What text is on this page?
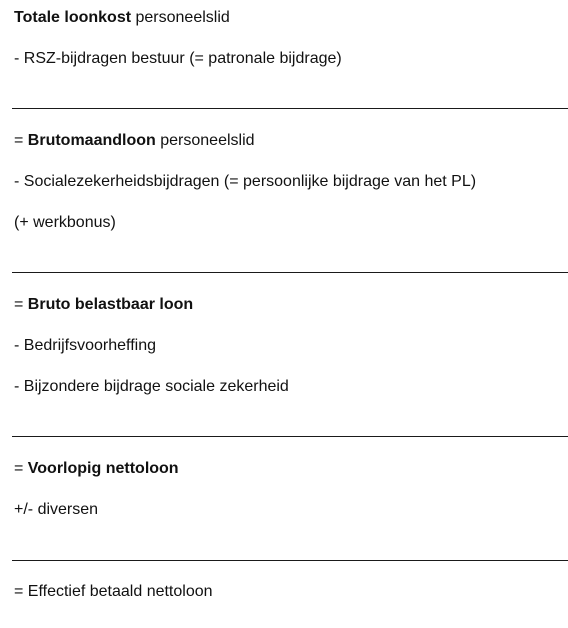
Totale loonkost personeelslid
- RSZ-bijdragen bestuur (= patronale bijdrage)
= Brutomaandloon personeelslid
- Socialezekerheidsbijdragen (= persoonlijke bijdrage van het PL)
(+ werkbonus)
= Bruto belastbaar loon
- Bedrijfsvoorheffing
- Bijzondere bijdrage sociale zekerheid
= Voorlopig nettoloon
+/- diversen
= Effectief betaald nettoloon
